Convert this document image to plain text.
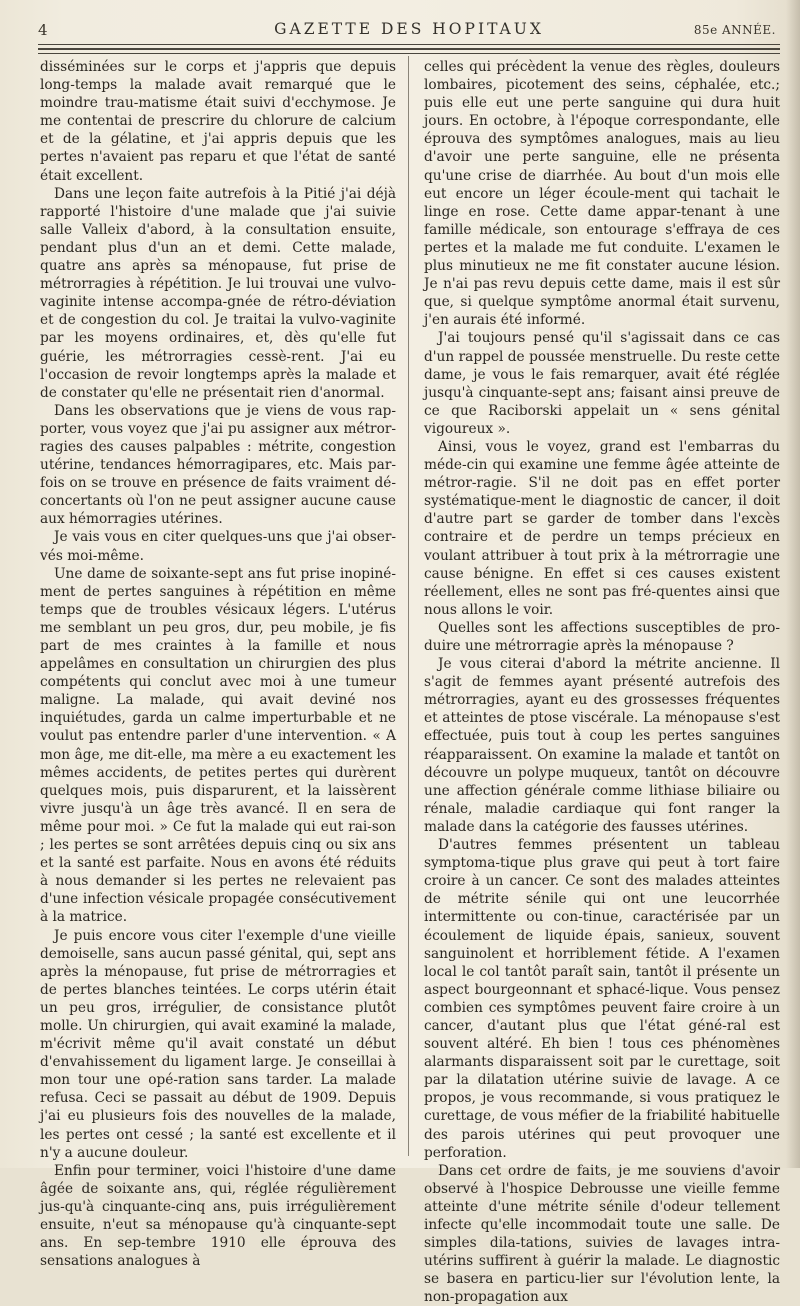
4	GAZETTE DES HOPITAUX	85e ANNÉE.

disséminées sur le corps et j'appris que depuis long-temps la malade avait remarqué que le moindre trau-matisme était suivi d'ecchymose. Je me contentai de prescrire du chlorure de calcium et de la gélatine, et j'ai appris depuis que les pertes n'avaient pas reparu et que l'état de santé était excellent.

Dans une leçon faite autrefois à la Pitié j'ai déjà rapporté l'histoire d'une malade que j'ai suivie salle Valleix d'abord, à la consultation ensuite, pendant plus d'un an et demi. Cette malade, quatre ans après sa ménopause, fut prise de métrorragies à répétition. Je lui trouvai une vulvo-vaginite intense accompa-gnée de rétro-déviation et de congestion du col. Je traitai la vulvo-vaginite par les moyens ordinaires, et, dès qu'elle fut guérie, les métrorragies cessè-rent. J'ai eu l'occasion de revoir longtemps après la malade et de constater qu'elle ne présentait rien d'anormal.

Dans les observations que je viens de vous rap-porter, vous voyez que j'ai pu assigner aux métror-ragies des causes palpables : métrite, congestion utérine, tendances hémorragipares, etc. Mais par-fois on se trouve en présence de faits vraiment dé-concertants où l'on ne peut assigner aucune cause aux hémorragies utérines.

Je vais vous en citer quelques-uns que j'ai obser-vés moi-même.

Une dame de soixante-sept ans fut prise inopiné-ment de pertes sanguines à répétition en même temps que de troubles vésicaux légers. L'utérus me semblant un peu gros, dur, peu mobile, je fis part de mes craintes à la famille et nous appelâmes en consultation un chirurgien des plus compétents qui conclut avec moi à une tumeur maligne. La malade, qui avait deviné nos inquiétudes, garda un calme imperturbable et ne voulut pas entendre parler d'une intervention. « A mon âge, me dit-elle, ma mère a eu exactement les mêmes accidents, de petites pertes qui durèrent quelques mois, puis disparurent, et la laissèrent vivre jusqu'à un âge très avancé. Il en sera de même pour moi. » Ce fut la malade qui eut rai-son ; les pertes se sont arrêtées depuis cinq ou six ans et la santé est parfaite. Nous en avons été réduits à nous demander si les pertes ne relevaient pas d'une infection vésicale propagée consécutivement à la matrice.

Je puis encore vous citer l'exemple d'une vieille demoiselle, sans aucun passé génital, qui, sept ans après la ménopause, fut prise de métrorragies et de pertes blanches teintées. Le corps utérin était un peu gros, irrégulier, de consistance plutôt molle. Un chirurgien, qui avait examiné la malade, m'écrivit même qu'il avait constaté un début d'envahissement du ligament large. Je conseillai à mon tour une opé-ration sans tarder. La malade refusa. Ceci se passait au début de 1909. Depuis j'ai eu plusieurs fois des nouvelles de la malade, les pertes ont cessé ; la santé est excellente et il n'y a aucune douleur.

Enfin pour terminer, voici l'histoire d'une dame âgée de soixante ans, qui, réglée régulièrement jus-qu'à cinquante-cinq ans, puis irrégulièrement ensuite, n'eut sa ménopause qu'à cinquante-sept ans. En sep-tembre 1910 elle éprouva des sensations analogues à

celles qui précèdent la venue des règles, douleurs lombaires, picotement des seins, céphalée, etc.; puis elle eut une perte sanguine qui dura huit jours. En octobre, à l'époque correspondante, elle éprouva des symptômes analogues, mais au lieu d'avoir une perte sanguine, elle ne présenta qu'une crise de diarrhée. Au bout d'un mois elle eut encore un léger écoule-ment qui tachait le linge en rose. Cette dame appar-tenant à une famille médicale, son entourage s'effraya de ces pertes et la malade me fut conduite. L'examen le plus minutieux ne me fit constater aucune lésion. Je n'ai pas revu depuis cette dame, mais il est sûr que, si quelque symptôme anormal était survenu, j'en aurais été informé.

J'ai toujours pensé qu'il s'agissait dans ce cas d'un rappel de poussée menstruelle. Du reste cette dame, je vous le fais remarquer, avait été réglée jusqu'à cinquante-sept ans; faisant ainsi preuve de ce que Raciborski appelait un « sens génital vigoureux ».

Ainsi, vous le voyez, grand est l'embarras du méde-cin qui examine une femme âgée atteinte de métror-ragie. S'il ne doit pas en effet porter systématique-ment le diagnostic de cancer, il doit d'autre part se garder de tomber dans l'excès contraire et de perdre un temps précieux en voulant attribuer à tout prix à la métrorragie une cause bénigne. En effet si ces causes existent réellement, elles ne sont pas fré-quentes ainsi que nous allons le voir.

Quelles sont les affections susceptibles de pro-duire une métrorragie après la ménopause ?

Je vous citerai d'abord la métrite ancienne. Il s'agit de femmes ayant présenté autrefois des métrorragies, ayant eu des grossesses fréquentes et atteintes de ptose viscérale. La ménopause s'est effectuée, puis tout à coup les pertes sanguines réapparaissent. On examine la malade et tantôt on découvre un polype muqueux, tantôt on découvre une affection générale comme lithiase biliaire ou rénale, maladie cardiaque qui font ranger la malade dans la catégorie des fausses utérines.

D'autres femmes présentent un tableau symptoma-tique plus grave qui peut à tort faire croire à un cancer. Ce sont des malades atteintes de métrite sénile qui ont une leucorrhée intermittente ou con-tinue, caractérisée par un écoulement de liquide épais, sanieux, souvent sanguinolent et horriblement fétide. A l'examen local le col tantôt paraît sain, tantôt il présente un aspect bourgeonnant et sphacé-lique. Vous pensez combien ces symptômes peuvent faire croire à un cancer, d'autant plus que l'état géné-ral est souvent altéré. Eh bien ! tous ces phénomènes alarmants disparaissent soit par le curettage, soit par la dilatation utérine suivie de lavage. A ce propos, je vous recommande, si vous pratiquez le curettage, de vous méfier de la friabilité habituelle des parois utérines qui peut provoquer une perforation.

Dans cet ordre de faits, je me souviens d'avoir observé à l'hospice Debrousse une vieille femme atteinte d'une métrite sénile d'odeur tellement infecte qu'elle incommodait toute une salle. De simples dila-tations, suivies de lavages intra-utérins suffirent à guérir la malade. Le diagnostic se basera en particu-lier sur l'évolution lente, la non-propagation aux
